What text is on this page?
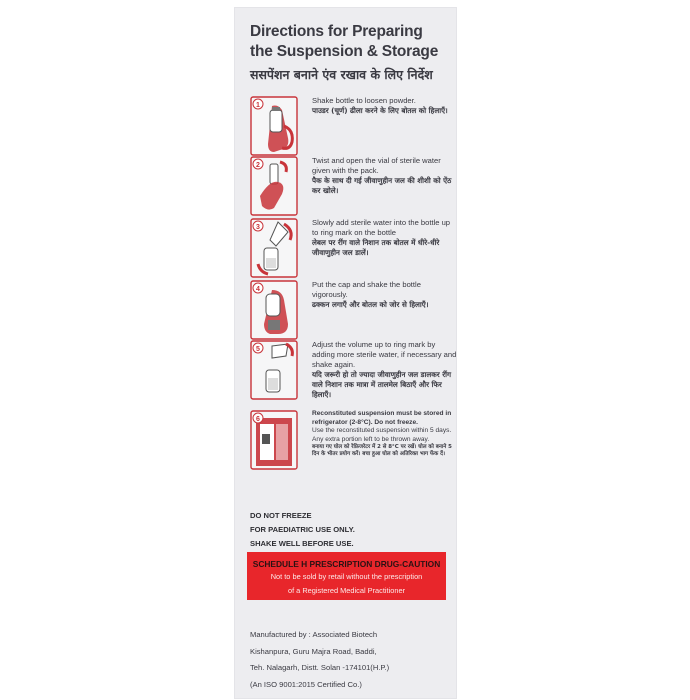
Directions for Preparing
the Suspension & Storage
ससपेंशन बनाने एंव रखाव के लिए निर्देश
1
Shake bottle to loosen powder.
पाउडर (चूर्ण) ढीला करने के लिए बोतल को हिलाएँ।
2
Twist and open the vial of sterile water given with the pack.
पैक के साथ दी गई जीवाणुहीन जल की शीशी को ऐंठ कर खोले।
3
Slowly add sterile water into the bottle up to ring mark on the bottle
लेबल पर रींग वाले निशान तक बोतल में धीरे-धीरे जीवाणुहीन जल डालें।
4
Put the cap and shake the bottle vigorously.
ढक्कन लगाएँ और बोतल को जोर से हिलाएँ।
5
Adjust the volume up to ring mark by adding more sterile water, if necessary and shake again.
यदि जरूरी हो तो ज्यादा जीवाणुहीन जल डालकर रींग वाले निशान तक मात्रा में तालमेल बिठाएँ और फिर हिलाएँ।
6
Reconstituted suspension must be stored in refrigerator (2-8°C). Do not freeze.
Use the reconstituted suspension within 5 days. Any extra portion left to be thrown away.
बनाया गए घोल को रेफ्रिजरेटर में 2 से 8°C पर रखें। घोल को बनाने 5 दिन के भीतर प्रयोग करें। बचा हुआ घोल को अतिरिक्त भाग फेंक दें।
DO NOT FREEZE
FOR PAEDIATRIC USE ONLY.
SHAKE WELL BEFORE USE.
SCHEDULE H PRESCRIPTION DRUG-CAUTION
Not to be sold by retail without the prescription
of a Registered Medical Practitioner
Manufactured by : Associated Biotech
Kishanpura, Guru Majra Road, Baddi,
Teh. Nalagarh, Distt. Solan -174101(H.P.)
(An ISO 9001:2015 Certified Co.)
